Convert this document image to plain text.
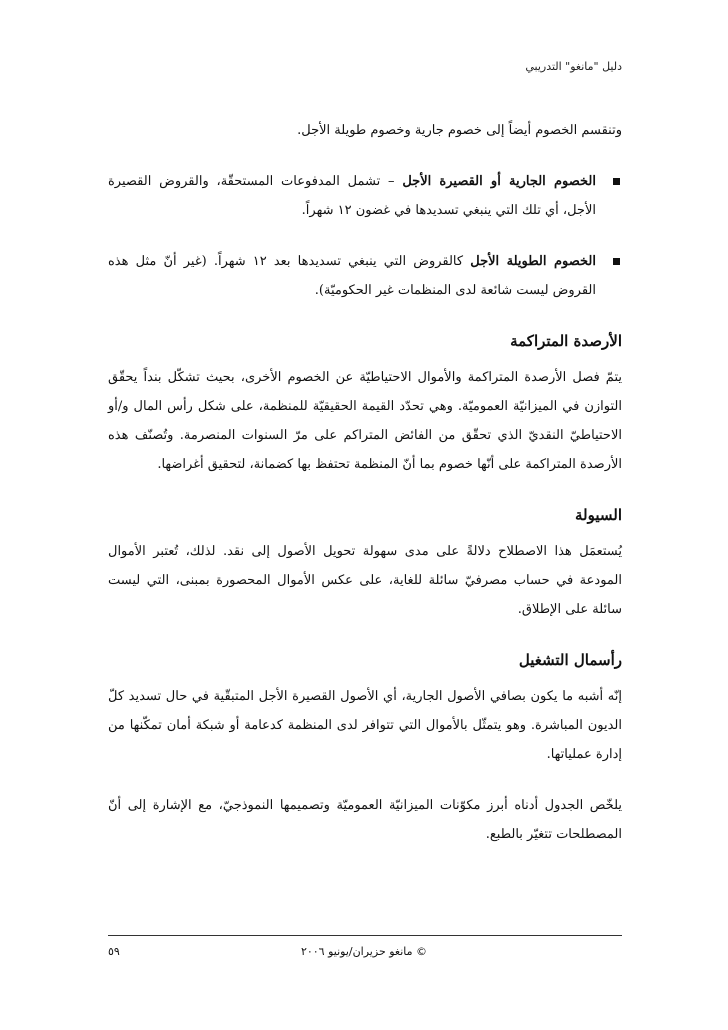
دليل "مانغو" التدريبي

وتنقسم الخصوم أيضاً إلى خصوم جارية وخصوم طويلة الأجل.

الخصوم الجارية أو القصيرة الأجل – تشمل المدفوعات المستحقّة، والقروض القصيرة الأجل، أي تلك التي ينبغي تسديدها في غضون ١٢ شهراً.
الخصوم الطويلة الأجل كالقروض التي ينبغي تسديدها بعد ١٢ شهراً. (غير أنّ مثل هذه القروض ليست شائعة لدى المنظمات غير الحكوميّة).
الأرصدة المتراكمة

يتمّ فصل الأرصدة المتراكمة والأموال الاحتياطيّة عن الخصوم الأخرى، بحيث تشكّل بنداً يحقّق التوازن في الميزانيّة العموميّة. وهي تحدّد القيمة الحقيقيّة للمنظمة، على شكل رأس المال و/أو الاحتياطيّ النقديّ الذي تحقّق من الفائض المتراكم على مرّ السنوات المنصرمة. وتُصنّف هذه الأرصدة المتراكمة على أنّها خصوم بما أنّ المنظمة تحتفظ بها كضمانة، لتحقيق أغراضها.

السيولة

يُستعمَل هذا الاصطلاح دلالةً على مدى سهولة تحويل الأصول إلى نقد. لذلك، تُعتبر الأموال المودعة في حساب مصرفيّ سائلة للغاية، على عكس الأموال المحصورة بمبنى، التي ليست سائلة على الإطلاق.

رأسمال التشغيل

إنّه أشبه ما يكون بصافي الأصول الجارية، أي الأصول القصيرة الأجل المتبقّية في حال تسديد كلّ الديون المباشرة. وهو يتمثّل بالأموال التي تتوافر لدى المنظمة كدعامة أو شبكة أمان تمكّنها من إدارة عملياتها.

يلخّص الجدول أدناه أبرز مكوّنات الميزانيّة العموميّة وتصميمها النموذجيّ، مع الإشارة إلى أنّ المصطلحات تتغيّر بالطبع.

٥٩	© مانغو حزيران/يونيو ٢٠٠٦
